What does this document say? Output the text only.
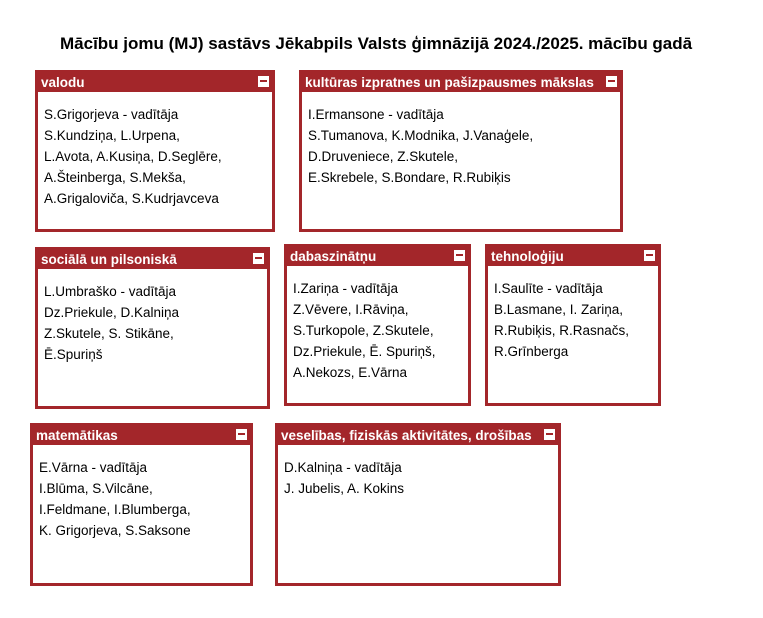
Mācību jomu (MJ) sastāvs Jēkabpils Valsts ģimnāzijā 2024./2025. mācību gadā
valodu
S.Grigorjeva - vadītāja
S.Kundziņa, L.Urpena,
L.Avota, A.Kusiņa, D.Seglēre,
A.Šteinberga, S.Mekša,
A.Grigalovičа, S.Kudrjavceva
kultūras izpratnes un pašizpausmes mākslas
I.Ermansone - vadītāja
S.Tumanova, K.Modnika, J.Vanaģele,
D.Druveniece, Z.Skutele,
E.Skrebele, S.Bondare, R.Rubiķis
sociālā un pilsoniskā
L.Umbraško - vadītāja
Dz.Priekule, D.Kalniņa
Z.Skutele, S. Stikāne,
Ē.Spuriņš
dabaszinātņu
I.Zariņa - vadītāja
Z.Vēvere, I.Rāviņa,
S.Turkopole, Z.Skutele,
Dz.Priekule, Ē. Spuriņš,
A.Nekozs, E.Vārna
tehnoloģiju
I.Saulīte - vadītāja
B.Lasmane, I. Zariņa,
R.Rubiķis, R.Rasnačs,
R.Grīnberga
matemātikas
E.Vārna - vadītāja
I.Blūma, S.Vilcāne,
I.Feldmane, I.Blumberga,
K. Grigorjeva, S.Saksone
veselības, fiziskās aktivitātes, drošības
D.Kalniņa - vadītāja
J. Jubelis, A. Kokins
